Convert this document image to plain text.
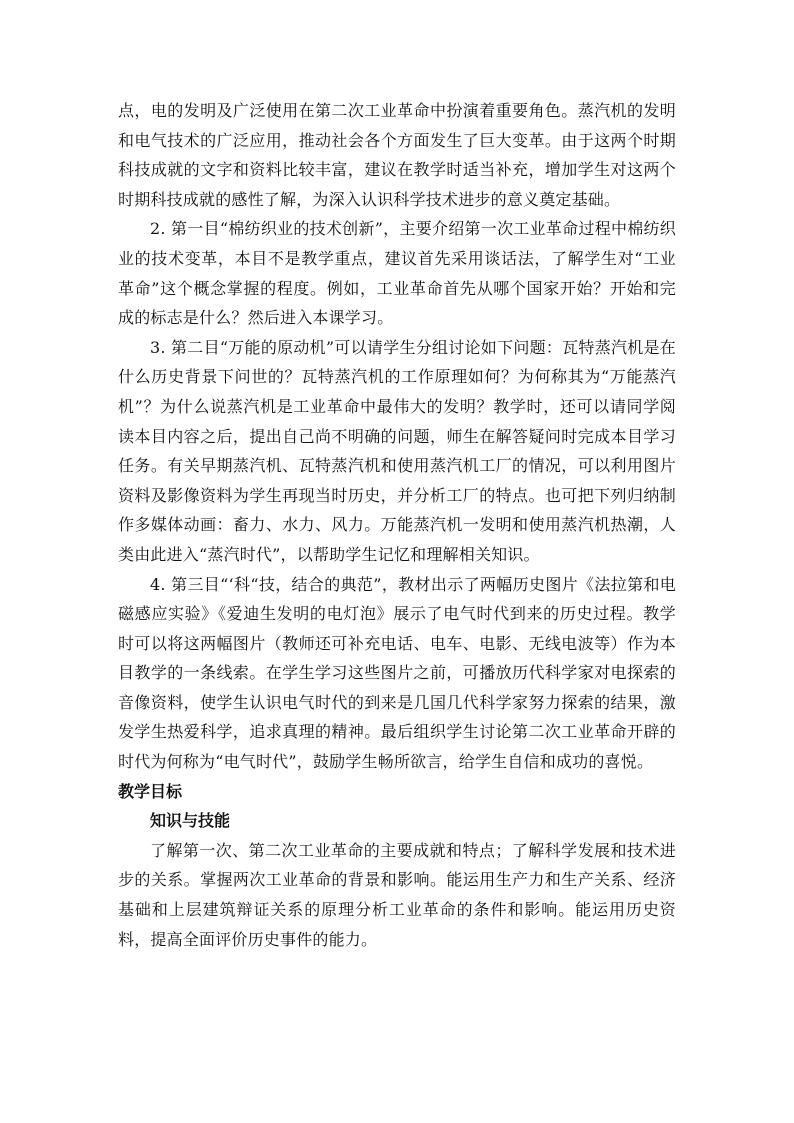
点，电的发明及广泛使用在第二次工业革命中扮演着重要角色。蒸汽机的发明和电气技术的广泛应用，推动社会各个方面发生了巨大变革。由于这两个时期科技成就的文字和资料比较丰富，建议在教学时适当补充，增加学生对这两个时期科技成就的感性了解，为深入认识科学技术进步的意义奠定基础。

2. 第一目“棉纺织业的技术创新”，主要介绍第一次工业革命过程中棉纺织业的技术变革，本目不是教学重点，建议首先采用谈话法，了解学生对“工业革命”这个概念掌握的程度。例如，工业革命首先从哪个国家开始？开始和完成的标志是什么？然后进入本课学习。

3. 第二目“万能的原动机”可以请学生分组讨论如下问题：瓦特蒸汽机是在什么历史背景下问世的？瓦特蒸汽机的工作原理如何？为何称其为“万能蒸汽机”？为什么说蒸汽机是工业革命中最伟大的发明？教学时，还可以请同学阅读本目内容之后，提出自己尚不明确的问题，师生在解答疑问时完成本目学习任务。有关早期蒸汽机、瓦特蒸汽机和使用蒸汽机工厂的情况，可以利用图片资料及影像资料为学生再现当时历史，并分析工厂的特点。也可把下列归纳制作多媒体动画：畜力、水力、风力。万能蒸汽机一发明和使用蒸汽机热潮，人类由此进入“蒸汽时代”，以帮助学生记忆和理解相关知识。

4. 第三目“‘科“技，结合的典范”，教材出示了两幅历史图片《法拉第和电磁感应实验》《爱迪生发明的电灯泡》展示了电气时代到来的历史过程。教学时可以将这两幅图片（教师还可补充电话、电车、电影、无线电波等）作为本目教学的一条线索。在学生学习这些图片之前，可播放历代科学家对电探索的音像资料，使学生认识电气时代的到来是几国几代科学家努力探索的结果，激发学生热爱科学，追求真理的精神。最后组织学生讨论第二次工业革命开辟的时代为何称为“电气时代”，鼓励学生畅所欲言，给学生自信和成功的喜悦。

教学目标

知识与技能

了解第一次、第二次工业革命的主要成就和特点；了解科学发展和技术进步的关系。掌握两次工业革命的背景和影响。能运用生产力和生产关系、经济基础和上层建筑辩证关系的原理分析工业革命的条件和影响。能运用历史资料，提高全面评价历史事件的能力。
